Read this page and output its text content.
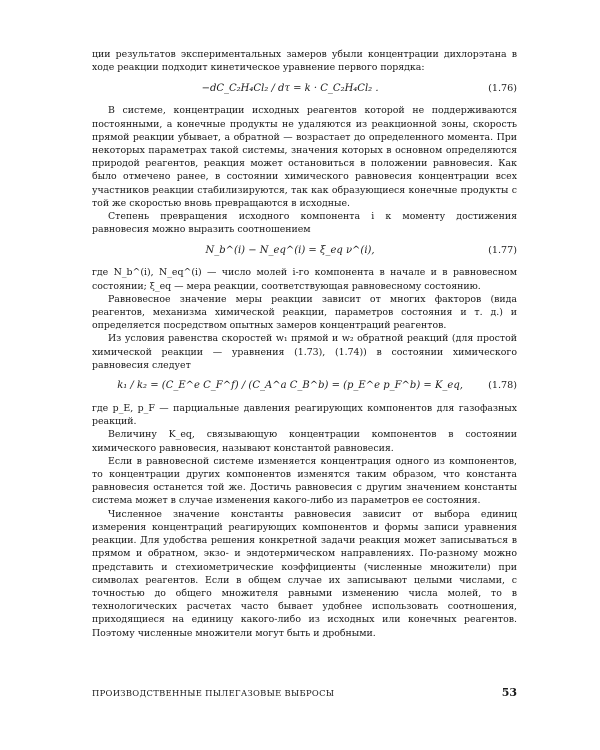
ции результатов экспериментальных замеров убыли концентрации дихлорэтана в ходе реакции подходит кинетическое уравнение первого порядка:

−dC_C₂H₄Cl₂ / dτ = k · C_C₂H₄Cl₂ .	(1.76)

В системе, концентрации исходных реагентов которой не поддерживаются постоянными, а конечные продукты не удаляются из реакционной зоны, скорость прямой реакции убывает, а обратной — возрастает до определенного момента. При некоторых параметрах такой системы, значения которых в основном определяются природой реагентов, реакция может остановиться в положении равновесия. Как было отмечено ранее, в состоянии химического равновесия концентрации всех участников реакции стабилизируются, так как образующиеся конечные продукты с той же скоростью вновь превращаются в исходные.

Степень превращения исходного компонента i к моменту достижения равновесия можно выразить соотношением

N_b^(i) − N_eq^(i) = ξ_eq ν^(i),	(1.77)

где N_b^(i), N_eq^(i) — число молей i-го компонента в начале и в равновесном состоянии; ξ_eq — мера реакции, соответствующая равновесному состоянию.

Равновесное значение меры реакции зависит от многих факторов (вида реагентов, механизма химической реакции, параметров состояния и т. д.) и определяется посредством опытных замеров концентраций реагентов.

Из условия равенства скоростей w₁ прямой и w₂ обратной реакций (для простой химической реакции — уравнения (1.73), (1.74)) в состоянии химического равновесия следует

k₁ / k₂ = (C_E^e C_F^f) / (C_A^a C_B^b) = (p_E^e p_F^b) = K_eq,	(1.78)

где p_E, p_F — парциальные давления реагирующих компонентов для газофазных реакций.

Величину K_eq, связывающую концентрации компонентов в состоянии химического равновесия, называют константой равновесия.

Если в равновесной системе изменяется концентрация одного из компонентов, то концентрации других компонентов изменятся таким образом, что константа равновесия останется той же. Достичь равновесия с другим значением константы система может в случае изменения какого-либо из параметров ее состояния.

Численное значение константы равновесия зависит от выбора единиц измерения концентраций реагирующих компонентов и формы записи уравнения реакции. Для удобства решения конкретной задачи реакция может записываться в прямом и обратном, экзо- и эндотермическом направлениях. По-разному можно представить и стехиометрические коэффициенты (численные множители) при символах реагентов. Если в общем случае их записывают целыми числами, с точностью до общего множителя равными изменению числа молей, то в технологических расчетах часто бывает удобнее использовать соотношения, приходящиеся на единицу какого-либо из исходных или конечных реагентов. Поэтому численные множители могут быть и дробными.

ПРОИЗВОДСТВЕННЫЕ ПЫЛЕГАЗОВЫЕ ВЫБРОСЫ	53
